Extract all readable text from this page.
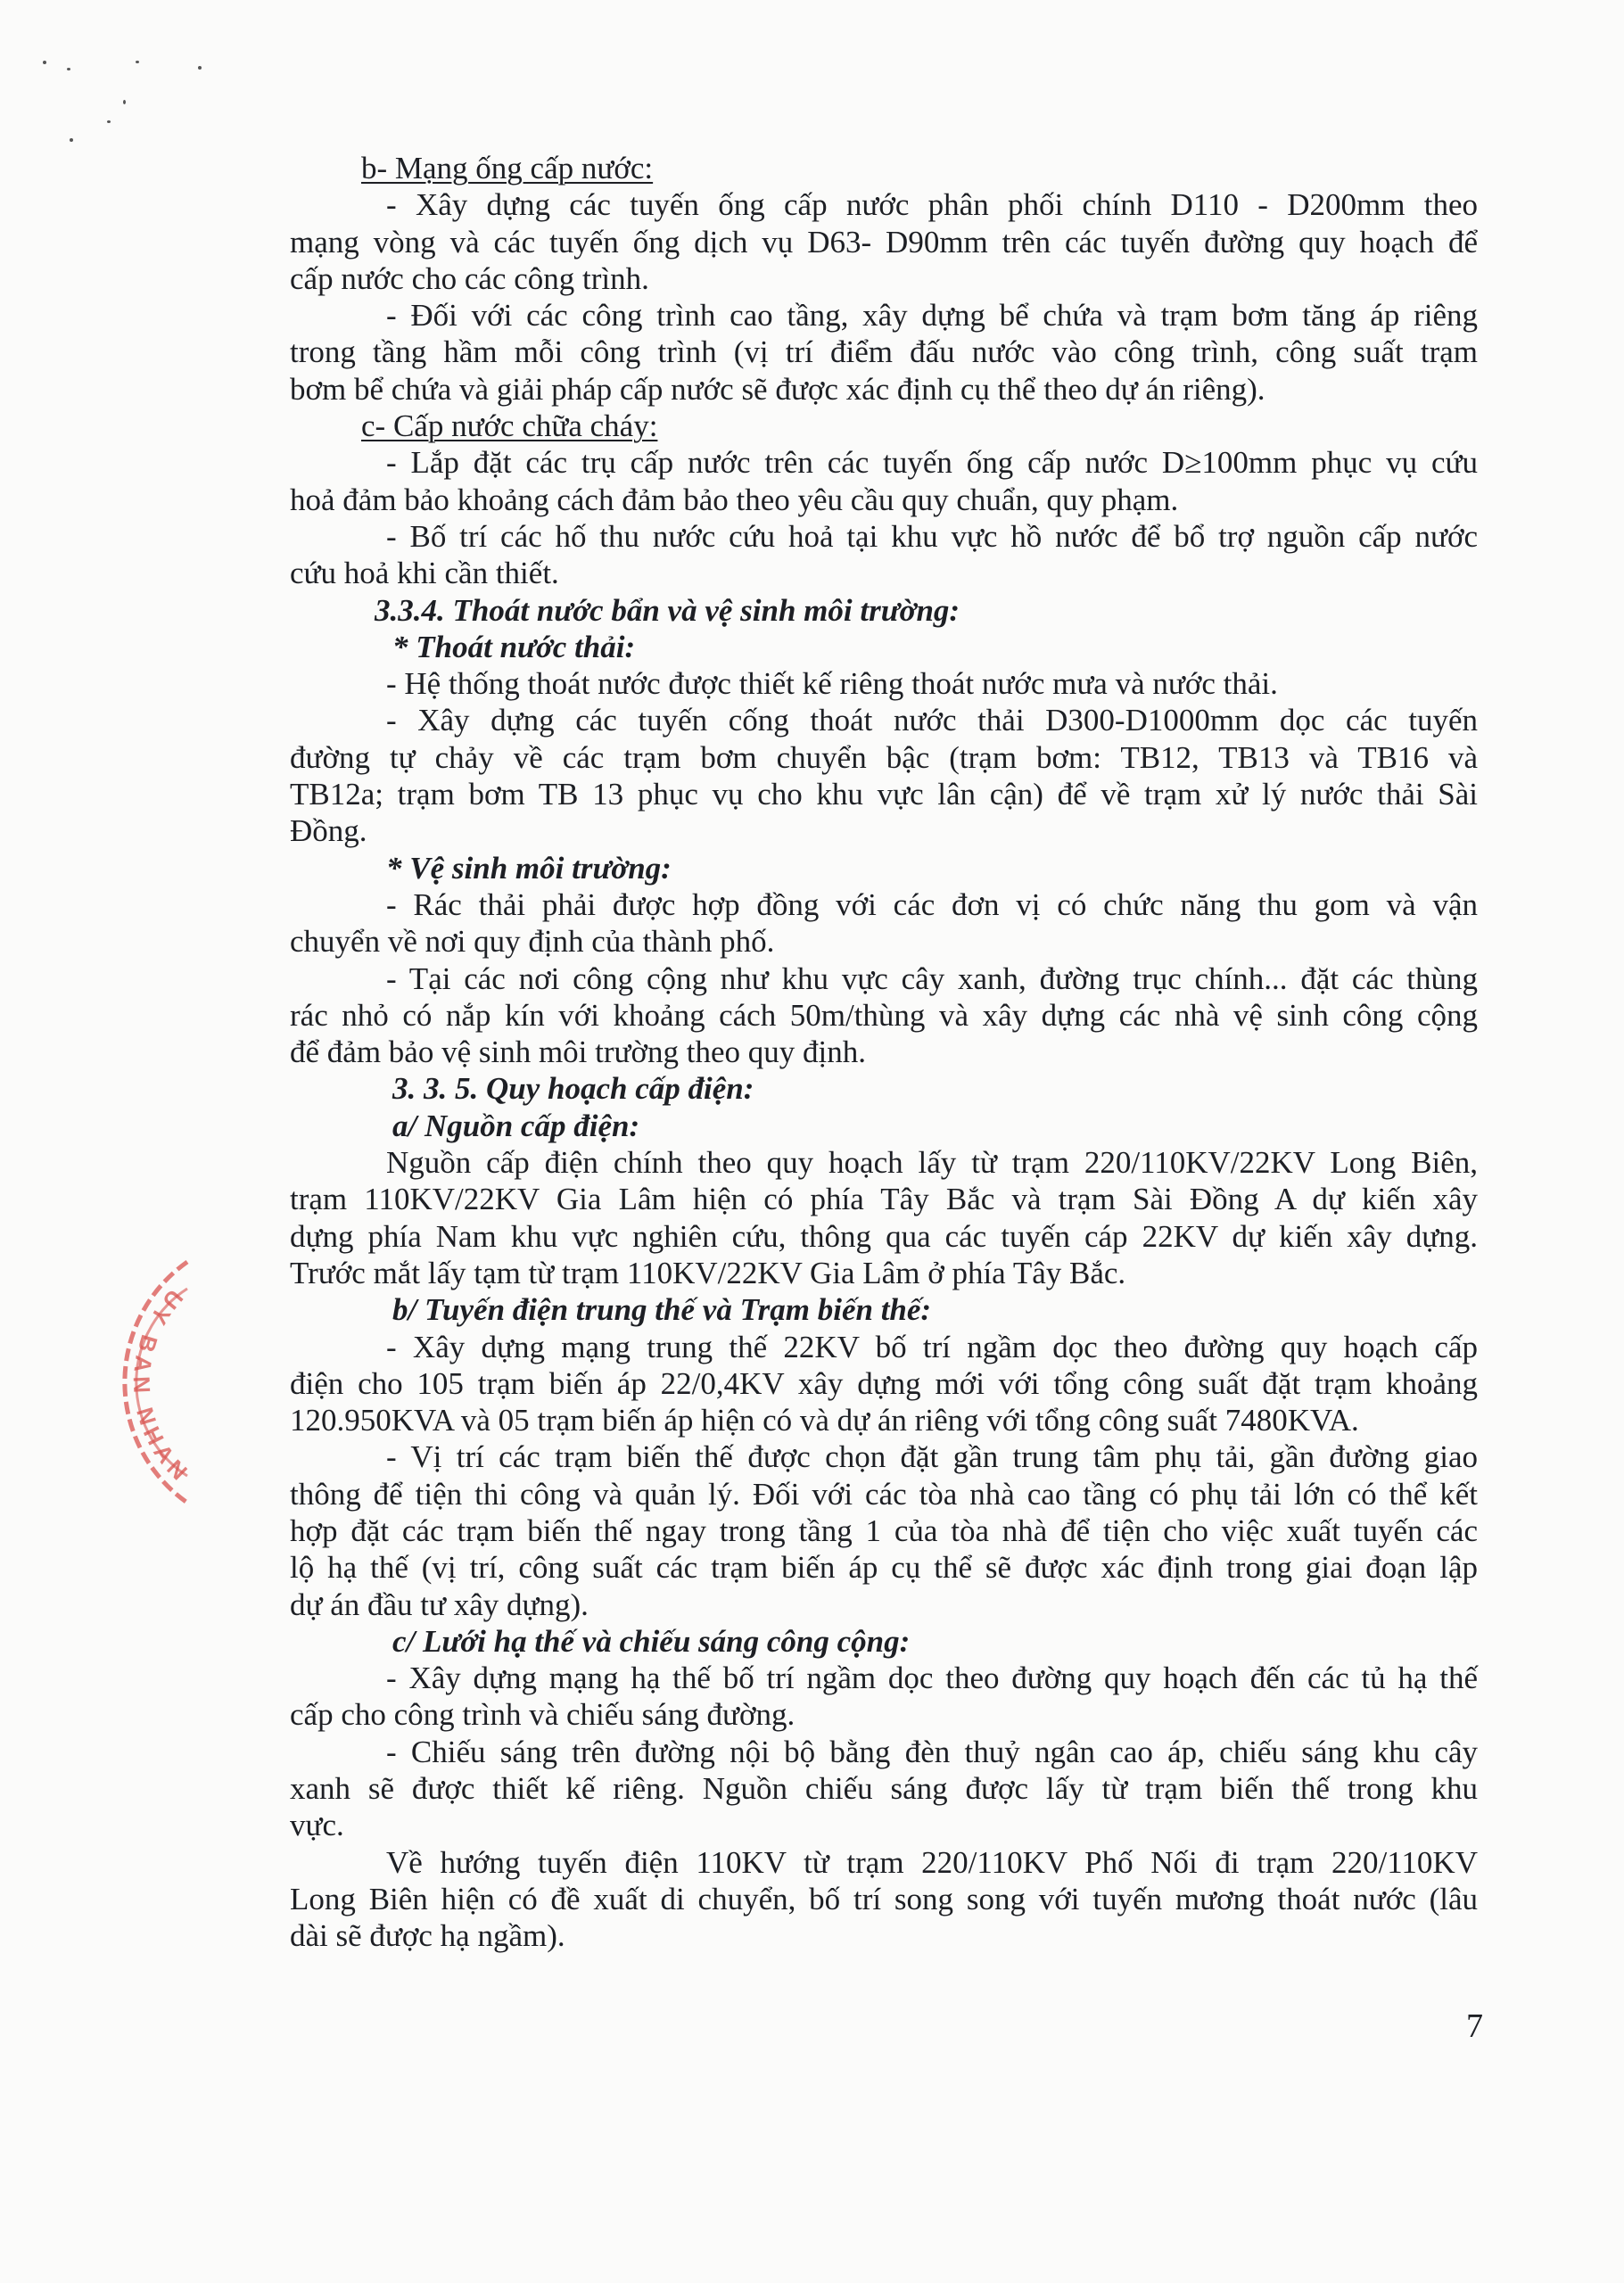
UY BAN NHAN
b- Mạng ống cấp nước:
- Xây dựng các tuyến ống cấp nước phân phối chính D110 - D200mm theo
mạng vòng và các tuyến ống dịch vụ D63- D90mm trên các tuyến đường quy hoạch để
cấp nước cho các công trình.
- Đối với các công trình cao tầng, xây dựng bể chứa và trạm bơm tăng áp riêng
trong tầng hầm mỗi công trình (vị trí điểm đấu nước vào công trình, công suất trạm
bơm bể chứa và giải pháp cấp nước sẽ được xác định cụ thể theo dự án riêng).
c- Cấp nước chữa cháy:
- Lắp đặt các trụ cấp nước trên các tuyến ống cấp nước D≥100mm phục vụ cứu
hoả đảm bảo khoảng cách đảm bảo theo yêu cầu quy chuẩn, quy phạm.
- Bố trí các hố thu nước cứu hoả tại khu vực hồ nước để bổ trợ nguồn cấp nước
cứu hoả khi cần thiết.
3.3.4. Thoát nước bẩn và vệ sinh môi trường:
* Thoát nước thải:
- Hệ thống thoát nước được thiết kế riêng thoát nước mưa và nước thải.
- Xây dựng các tuyến cống thoát nước thải D300-D1000mm dọc các tuyến
đường tự chảy về các trạm bơm chuyển bậc (trạm bơm: TB12, TB13 và TB16 và
TB12a; trạm bơm TB 13 phục vụ cho khu vực lân cận) để về trạm xử lý nước thải Sài
Đồng.
* Vệ sinh môi trường:
- Rác thải phải được hợp đồng với các đơn vị có chức năng thu gom và vận
chuyển về nơi quy định của thành phố.
- Tại các nơi công cộng như khu vực cây xanh, đường trục chính... đặt các thùng
rác nhỏ có nắp kín với khoảng cách 50m/thùng và xây dựng các nhà vệ sinh công cộng
để đảm bảo vệ sinh môi trường theo quy định.
3. 3. 5. Quy hoạch cấp điện:
a/ Nguồn cấp điện:
Nguồn cấp điện chính theo quy hoạch lấy từ trạm 220/110KV/22KV Long Biên,
trạm 110KV/22KV Gia Lâm hiện có phía Tây Bắc và trạm Sài Đồng A dự kiến xây
dựng phía Nam khu vực nghiên cứu, thông qua các tuyến cáp 22KV dự kiến xây dựng.
Trước mắt lấy tạm từ trạm 110KV/22KV Gia Lâm ở phía Tây Bắc.
b/ Tuyến điện trung thế và Trạm biến thế:
- Xây dựng mạng trung thế 22KV bố trí ngầm dọc theo đường quy hoạch cấp
điện cho 105 trạm biến áp 22/0,4KV xây dựng mới với tổng công suất đặt trạm khoảng
120.950KVA và 05 trạm biến áp hiện có và dự án riêng với tổng công suất 7480KVA.
- Vị trí các trạm biến thế được chọn đặt gần trung tâm phụ tải, gần đường giao
thông để tiện thi công và quản lý. Đối với các tòa nhà cao tầng có phụ tải lớn có thể kết
hợp đặt các trạm biến thế ngay trong tầng 1 của tòa nhà để tiện cho việc xuất tuyến các
lộ hạ thế (vị trí, công suất các trạm biến áp cụ thể sẽ được xác định trong giai đoạn lập
dự án đầu tư xây dựng).
c/ Lưới hạ thế và chiếu sáng công cộng:
- Xây dựng mạng hạ thế bố trí ngầm dọc theo đường quy hoạch đến các tủ hạ thế
cấp cho công trình và chiếu sáng đường.
- Chiếu sáng trên đường nội bộ bằng đèn thuỷ ngân cao áp, chiếu sáng khu cây
xanh sẽ được thiết kế riêng. Nguồn chiếu sáng được lấy từ trạm biến thế trong khu
vực.
Về hướng tuyến điện 110KV từ trạm 220/110KV Phố Nối đi trạm 220/110KV
Long Biên hiện có đề xuất di chuyển, bố trí song song với tuyến mương thoát nước (lâu
dài sẽ được hạ ngầm).
7
